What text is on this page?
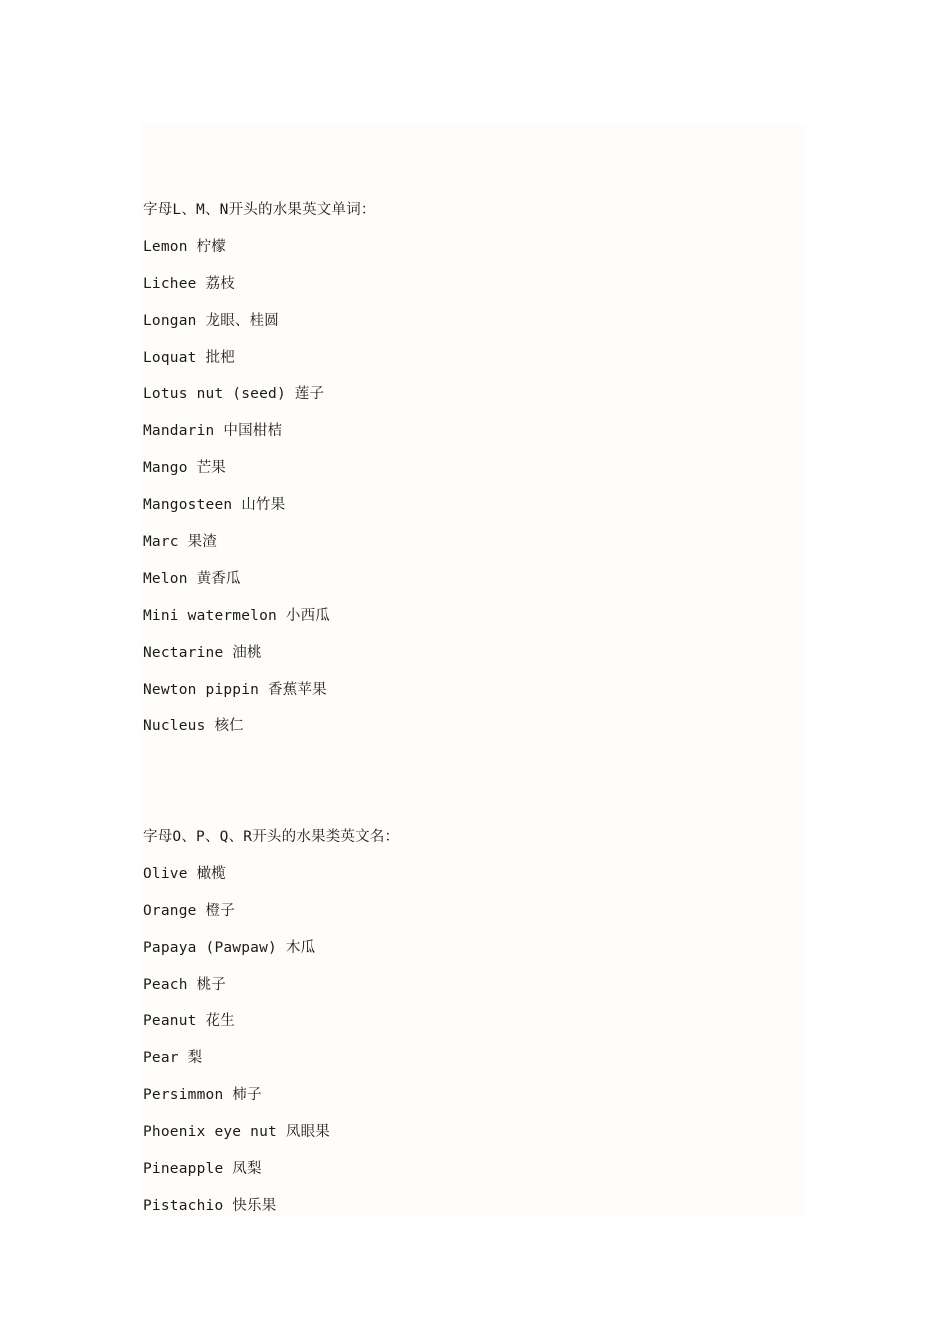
字母L、M、N开头的水果英文单词：
Lemon 柠檬
Lichee 荔枝
Longan 龙眼、桂圆
Loquat 批杷
Lotus nut (seed) 莲子
Mandarin 中国柑桔
Mango 芒果
Mangosteen 山竹果
Marc 果渣
Melon 黄香瓜
Mini watermelon 小西瓜
Nectarine 油桃
Newton pippin 香蕉苹果
Nucleus 核仁
字母O、P、Q、R开头的水果类英文名：
Olive 橄榄
Orange 橙子
Papaya (Pawpaw) 木瓜
Peach 桃子
Peanut 花生
Pear 梨
Persimmon 柿子
Phoenix eye nut 凤眼果
Pineapple 凤梨
Pistachio 快乐果
